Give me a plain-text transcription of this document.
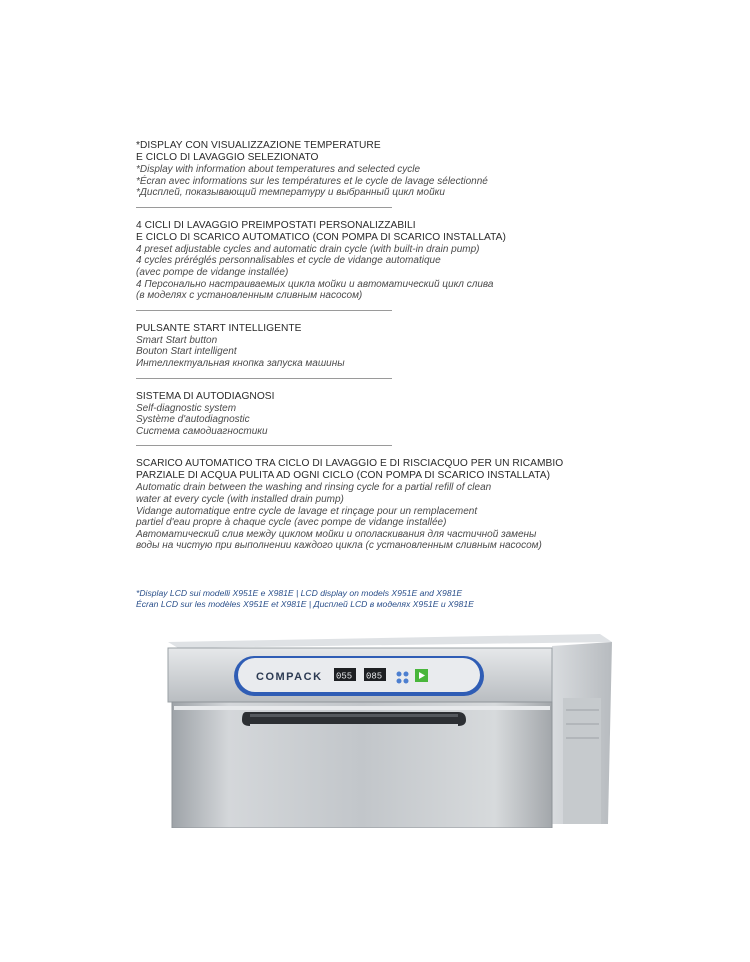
*DISPLAY CON VISUALIZZAZIONE TEMPERATURE
E CICLO DI LAVAGGIO SELEZIONATO
*Display with information about temperatures and selected cycle
*Écran avec informations sur les températures et le cycle de lavage sélectionné
*Дисплей, показывающий температуру и выбранный цикл мойки
4 CICLI DI LAVAGGIO PREIMPOSTATI PERSONALIZZABILI
E CICLO DI SCARICO AUTOMATICO (CON POMPA DI SCARICO INSTALLATA)
4 preset adjustable cycles and automatic drain cycle (with built-in drain pump)
4 cycles préréglés personnalisables et cycle de vidange automatique
(avec pompe de vidange installée)
4 Персонально настраиваемых цикла мойки и автоматический цикл слива
(в моделях с установленным сливным насосом)
PULSANTE START INTELLIGENTE
Smart Start button
Bouton Start intelligent
Интеллектуальная кнопка запуска машины
SISTEMA DI AUTODIAGNOSI
Self-diagnostic system
Système d'autodiagnostic
Система самодиагностики
SCARICO AUTOMATICO TRA CICLO DI LAVAGGIO E DI RISCIACQUO PER UN RICAMBIO
PARZIALE DI ACQUA PULITA AD OGNI CICLO (CON POMPA DI SCARICO INSTALLATA)
Automatic drain between the washing and rinsing cycle for a partial refill of clean
water at every cycle (with installed drain pump)
Vidange automatique entre cycle de lavage et rinçage pour un remplacement
partiel d'eau propre à chaque cycle (avec pompe de vidange installée)
Автоматический слив между циклом мойки и ополаскивания для частичной замены
воды на чистую при выполнении каждого цикла (с установленным сливным насосом)
*Display LCD sui modelli X951E e X981E | LCD display on models X951E and X981E
Écran LCD sur les modèles X951E et X981E | Дисплей LCD в моделях X951E и X981E
COMPACK 055 085
